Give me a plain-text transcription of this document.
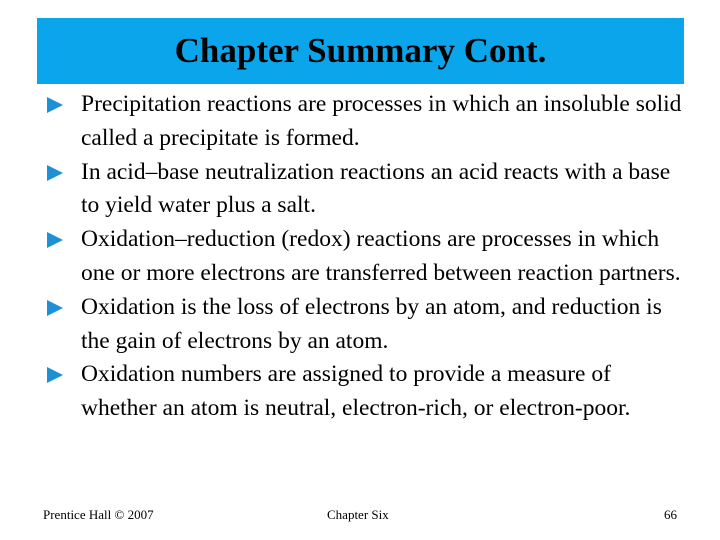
Chapter Summary Cont.
Precipitation reactions are processes in which an insoluble solid called a precipitate is formed.
In acid–base neutralization reactions an acid reacts with a base to yield water plus a salt.
Oxidation–reduction (redox) reactions are processes in which one or more electrons are transferred between reaction partners.
Oxidation is the loss of electrons by an atom, and reduction is the gain of electrons by an atom.
Oxidation numbers are assigned to provide a measure of whether an atom is neutral, electron-rich, or electron-poor.
Prentice Hall © 2007	Chapter Six	66
